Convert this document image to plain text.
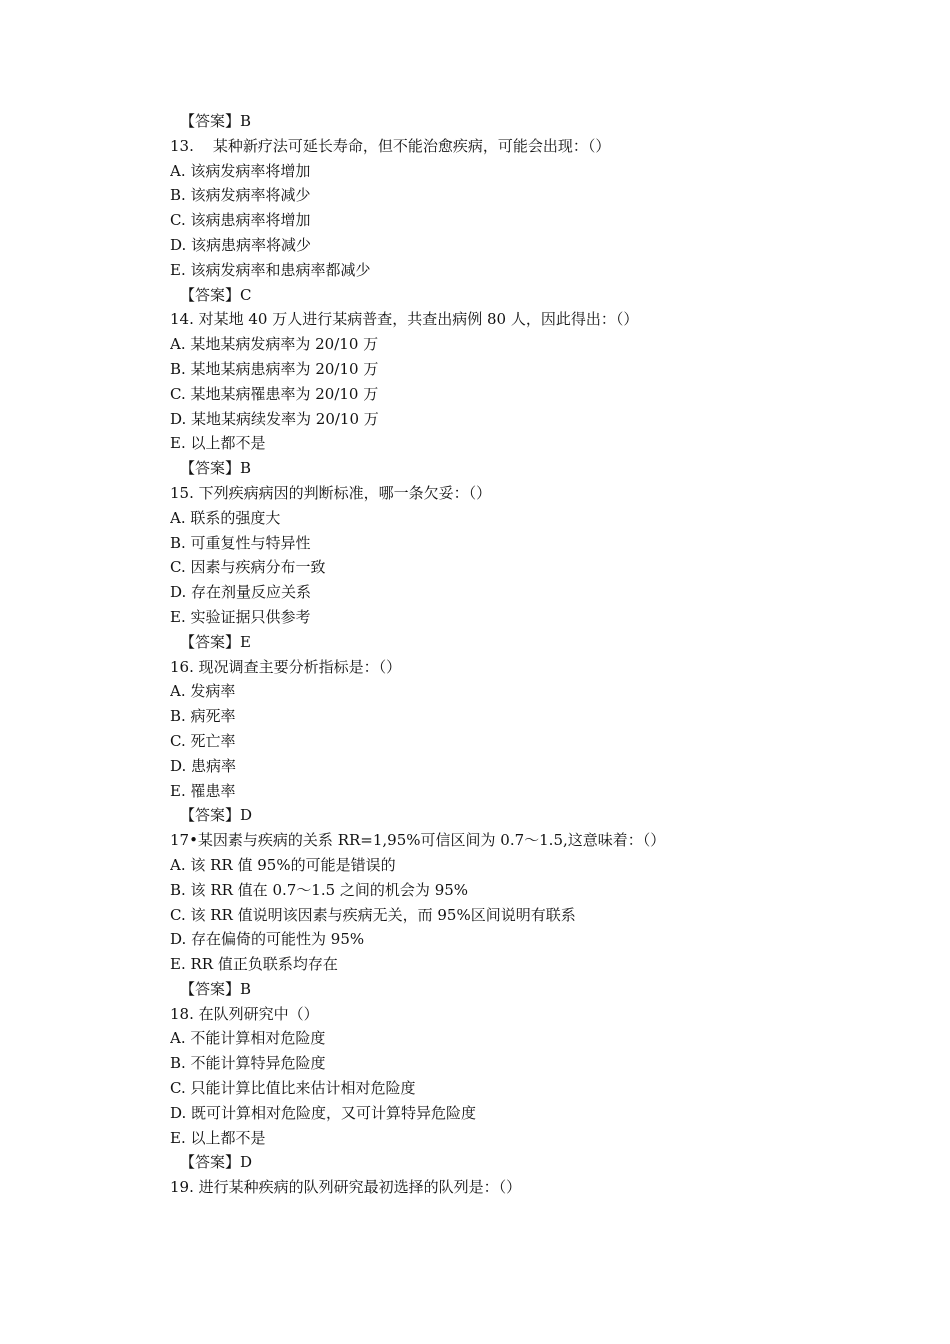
【答案】B
13.    某种新疗法可延长寿命，但不能治愈疾病，可能会出现：（）
A. 该病发病率将增加
B. 该病发病率将减少
C. 该病患病率将增加
D. 该病患病率将减少
E. 该病发病率和患病率都减少
【答案】C
14. 对某地 40 万人进行某病普查，共查出病例 80 人，因此得出：（）
A. 某地某病发病率为 20/10 万
B. 某地某病患病率为 20/10 万
C. 某地某病罹患率为 20/10 万
D. 某地某病续发率为 20/10 万
E. 以上都不是
【答案】B
15. 下列疾病病因的判断标准，哪一条欠妥：（）
A. 联系的强度大
B. 可重复性与特异性
C. 因素与疾病分布一致
D. 存在剂量反应关系
E. 实验证据只供参考
【答案】E
16. 现况调查主要分析指标是：（）
A. 发病率
B. 病死率
C. 死亡率
D. 患病率
E. 罹患率
【答案】D
17•某因素与疾病的关系 RR=1,95%可信区间为 0.7〜1.5,这意味着：（）
A. 该 RR 值 95%的可能是错误的
B. 该 RR 值在 0.7〜1.5 之间的机会为 95%
C. 该 RR 值说明该因素与疾病无关，而 95%区间说明有联系
D. 存在偏倚的可能性为 95%
E. RR 值正负联系均存在
【答案】B
18. 在队列研究中（）
A. 不能计算相对危险度
B. 不能计算特异危险度
C. 只能计算比值比来估计相对危险度
D. 既可计算相对危险度，又可计算特异危险度
E. 以上都不是
【答案】D
19. 进行某种疾病的队列研究最初选择的队列是：（）
